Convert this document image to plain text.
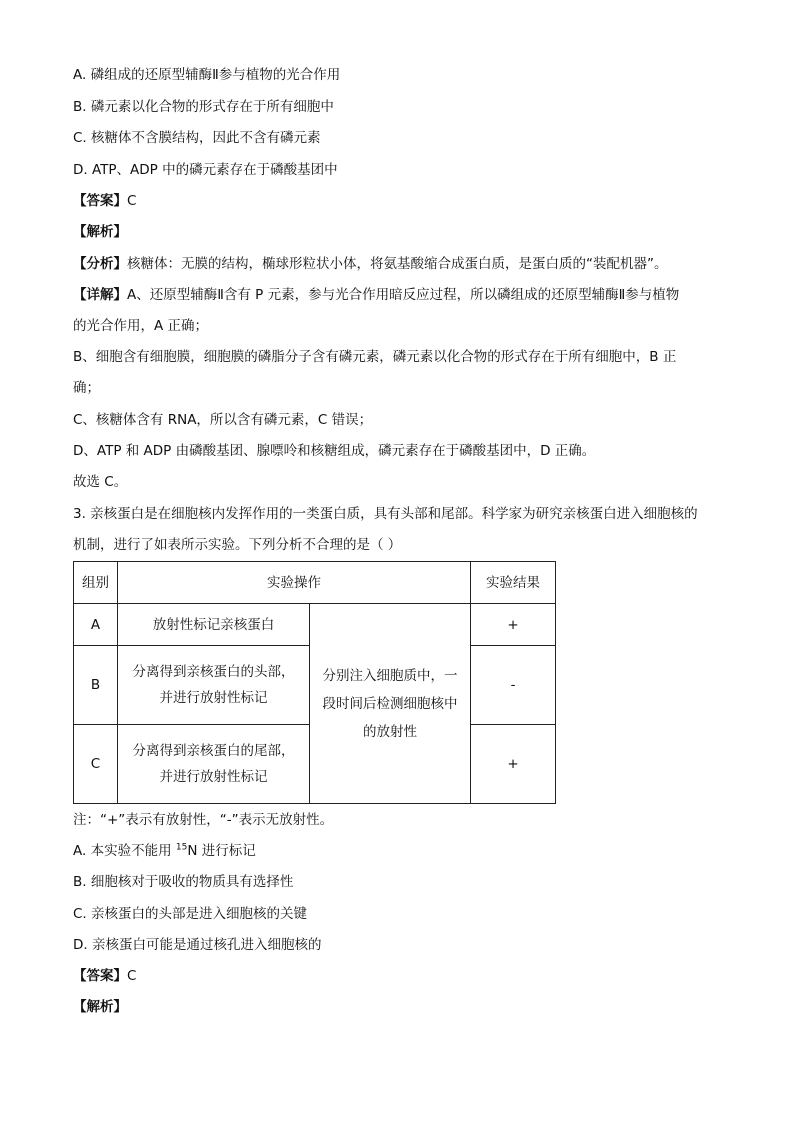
A. 磷组成的还原型辅酶Ⅱ参与植物的光合作用
B. 磷元素以化合物的形式存在于所有细胞中
C. 核糖体不含膜结构，因此不含有磷元素
D. ATP、ADP 中的磷元素存在于磷酸基团中
【答案】C
【解析】
【分析】核糖体：无膜的结构，椭球形粒状小体，将氨基酸缩合成蛋白质，是蛋白质的“装配机器”。
【详解】A、还原型辅酶Ⅱ含有 P 元素，参与光合作用暗反应过程，所以磷组成的还原型辅酶Ⅱ参与植物
的光合作用，A 正确；
B、细胞含有细胞膜，细胞膜的磷脂分子含有磷元素，磷元素以化合物的形式存在于所有细胞中，B 正
确；
C、核糖体含有 RNA，所以含有磷元素，C 错误；
D、ATP 和 ADP 由磷酸基团、腺嘌呤和核糖组成，磷元素存在于磷酸基团中，D 正确。
故选 C。
3. 亲核蛋白是在细胞核内发挥作用的一类蛋白质，具有头部和尾部。科学家为研究亲核蛋白进入细胞核的
机制，进行了如表所示实验。下列分析不合理的是（ ）
组别	实验操作		实验结果
A	放射性标记亲核蛋白	分别注入细胞质中，一
段时间后检测细胞核中
的放射性	+
B	分离得到亲核蛋白的头部，
并进行放射性标记		-
C	分离得到亲核蛋白的尾部，
并进行放射性标记		+
注：“+”表示有放射性，“-”表示无放射性。
A. 本实验不能用 $^{15}$N 进行标记
B. 细胞核对于吸收的物质具有选择性
C. 亲核蛋白的头部是进入细胞核的关键
D. 亲核蛋白可能是通过核孔进入细胞核的
【答案】C
【解析】
